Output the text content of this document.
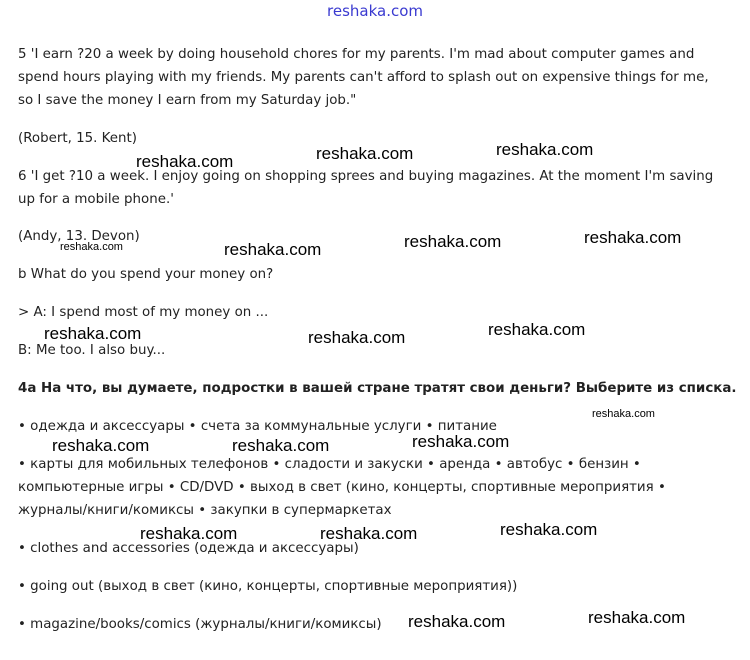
reshaka.com
5 'I earn ?20 a week by doing household chores for my parents. I'm mad about computer games and
spend hours playing with my friends. My parents can't afford to splash out on expensive things for me,
so I save the money I earn from my Saturday job."
(Robert, 15. Kent)
6 'I get ?10 a week. I enjoy going on shopping sprees and buying magazines. At the moment I'm saving
up for a mobile phone.'
(Andy, 13. Devon)
b What do you spend your money on?
> A: I spend most of my money on ...
B: Me too. I also buy...
4а На что, вы думаете, подростки в вашей стране тратят свои деньги? Выберите из списка.
• одежда и аксессуары • счета за коммунальные услуги • питание
• карты для мобильных телефонов • сладости и закуски • аренда • автобус • бензин •
компьютерные игры • CD/DVD • выход в свет (кино, концерты, спортивные мероприятия •
журналы/книги/комиксы • закупки в супермаркетах
• clothes and accessories (одежда и аксессуары)
• going out (выход в свет (кино, концерты, спортивные мероприятия))
• magazine/books/comics (журналы/книги/комиксы)
reshaka.com	reshaka.com	reshaka.com
reshaka.com	reshaka.com	reshaka.com	reshaka.com
reshaka.com	reshaka.com	reshaka.com
reshaka.com
reshaka.com	reshaka.com	reshaka.com
reshaka.com	reshaka.com	reshaka.com
reshaka.com	reshaka.com
